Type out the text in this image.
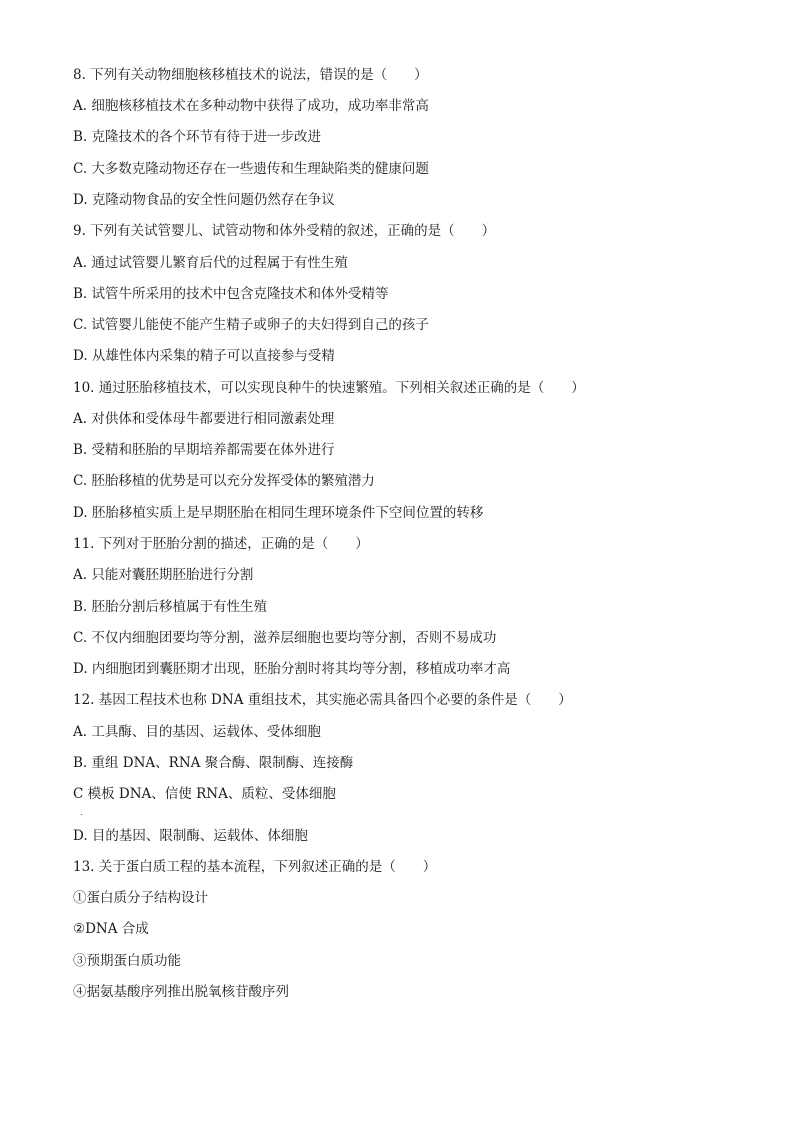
8. 下列有关动物细胞核移植技术的说法，错误的是（　　）
A. 细胞核移植技术在多种动物中获得了成功，成功率非常高
B. 克隆技术的各个环节有待于进一步改进
C. 大多数克隆动物还存在一些遗传和生理缺陷类的健康问题
D. 克隆动物食品的安全性问题仍然存在争议
9. 下列有关试管婴儿、试管动物和体外受精的叙述，正确的是（　　）
A. 通过试管婴儿繁育后代的过程属于有性生殖
B. 试管牛所采用的技术中包含克隆技术和体外受精等
C. 试管婴儿能使不能产生精子或卵子的夫妇得到自己的孩子
D. 从雄性体内采集的精子可以直接参与受精
10. 通过胚胎移植技术，可以实现良种牛的快速繁殖。下列相关叙述正确的是（　　）
A. 对供体和受体母牛都要进行相同激素处理
B. 受精和胚胎的早期培养都需要在体外进行
C. 胚胎移植的优势是可以充分发挥受体的繁殖潜力
D. 胚胎移植实质上是早期胚胎在相同生理环境条件下空间位置的转移
11. 下列对于胚胎分割的描述，正确的是（　　）
A. 只能对囊胚期胚胎进行分割
B. 胚胎分割后移植属于有性生殖
C. 不仅内细胞团要均等分割，滋养层细胞也要均等分割，否则不易成功
D. 内细胞团到囊胚期才出现，胚胎分割时将其均等分割，移植成功率才高
12. 基因工程技术也称 DNA 重组技术，其实施必需具备四个必要的条件是（　　）
A. 工具酶、目的基因、运载体、受体细胞
B. 重组 DNA、RNA 聚合酶、限制酶、连接酶
C 模板 DNA、信使 RNA、质粒、受体细胞
.
D. 目的基因、限制酶、运载体、体细胞
13. 关于蛋白质工程的基本流程，下列叙述正确的是（　　）
①蛋白质分子结构设计
②DNA 合成
③预期蛋白质功能
④据氨基酸序列推出脱氧核苷酸序列
